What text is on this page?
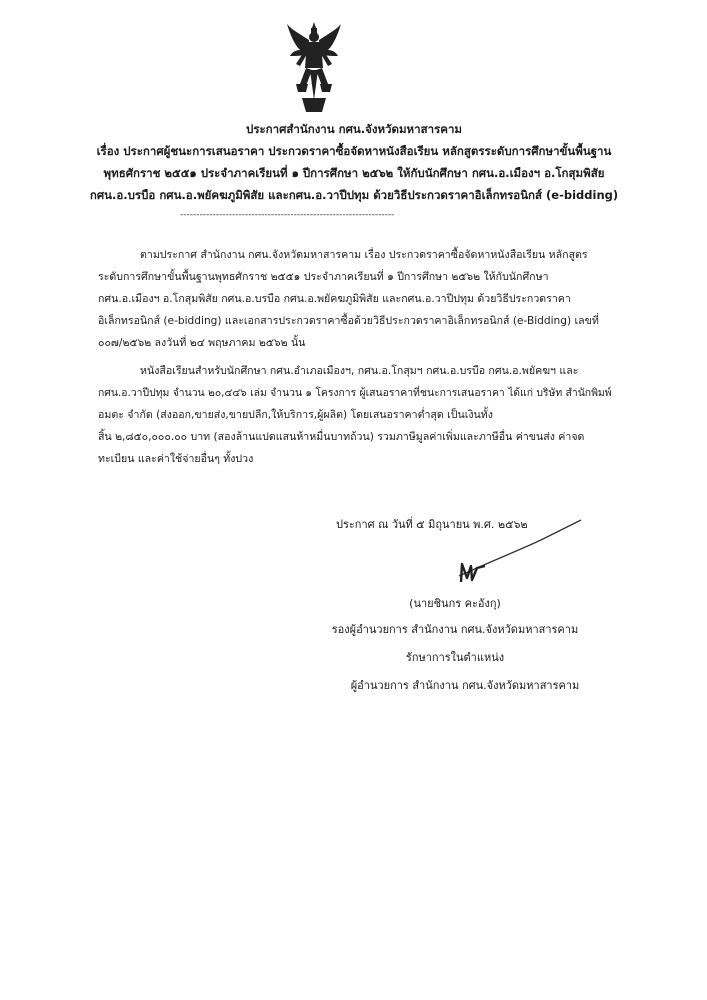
ประกาศสำนักงาน กศน.จังหวัดมหาสารคาม
เรื่อง ประกาศผู้ชนะการเสนอราคา ประกวดราคาซื้อจัดหาหนังสือเรียน หลักสูตรระดับการศึกษาขั้นพื้นฐาน
พุทธศักราช ๒๕๕๑ ประจำภาคเรียนที่ ๑ ปีการศึกษา ๒๕๖๒ ให้กับนักศึกษา กศน.อ.เมืองฯ อ.โกสุมพิสัย
กศน.อ.บรบือ กศน.อ.พยัคฆภูมิพิสัย และกศน.อ.วาปีปทุม ด้วยวิธีประกวดราคาอิเล็กทรอนิกส์ (e-bidding)
------------------------------------------------------------------
ตามประกาศ สำนักงาน กศน.จังหวัดมหาสารคาม เรื่อง ประกวดราคาซื้อจัดหาหนังสือเรียน หลักสูตร
ระดับการศึกษาขั้นพื้นฐานพุทธศักราช ๒๕๕๑ ประจำภาคเรียนที่ ๑ ปีการศึกษา ๒๕๖๒ ให้กับนักศึกษา
กศน.อ.เมืองฯ อ.โกสุมพิสัย กศน.อ.บรบือ กศน.อ.พยัคฆภูมิพิสัย และกศน.อ.วาปีปทุม ด้วยวิธีประกวดราคา
อิเล็กทรอนิกส์ (e-bidding) และเอกสารประกวดราคาซื้อด้วยวิธีประกวดราคาอิเล็กทรอนิกส์ (e-Bidding) เลขที่
๐๐๗/๒๕๖๒ ลงวันที่ ๒๔ พฤษภาคม ๒๕๖๒ นั้น
หนังสือเรียนสำหรับนักศึกษา กศน.อำเภอเมืองฯ, กศน.อ.โกสุมฯ กศน.อ.บรบือ กศน.อ.พยัคฆฯ และ
กศน.อ.วาปีปทุม จำนวน ๒๐,๔๔๖ เล่ม จำนวน ๑ โครงการ ผู้เสนอราคาที่ชนะการเสนอราคา ได้แก่ บริษัท สำนักพิมพ์
อมตะ จำกัด (ส่งออก,ขายส่ง,ขายปลีก,ให้บริการ,ผู้ผลิต) โดยเสนอราคาต่ำสุด เป็นเงินทั้ง
สิ้น ๒,๘๕๐,๐๐๐.๐๐ บาท (สองล้านแปดแสนห้าหมื่นบาทถ้วน) รวมภาษีมูลค่าเพิ่มและภาษีอื่น ค่าขนส่ง ค่าจด
ทะเบียน และค่าใช้จ่ายอื่นๆ ทั้งปวง
ประกาศ ณ วันที่ ๕ มิถุนายน พ.ศ. ๒๕๖๒
(นายชินกร คะอังกุ)
รองผู้อำนวยการ สำนักงาน กศน.จังหวัดมหาสารคาม
รักษาการในตำแหน่ง
ผู้อำนวยการ สำนักงาน กศน.จังหวัดมหาสารคาม
